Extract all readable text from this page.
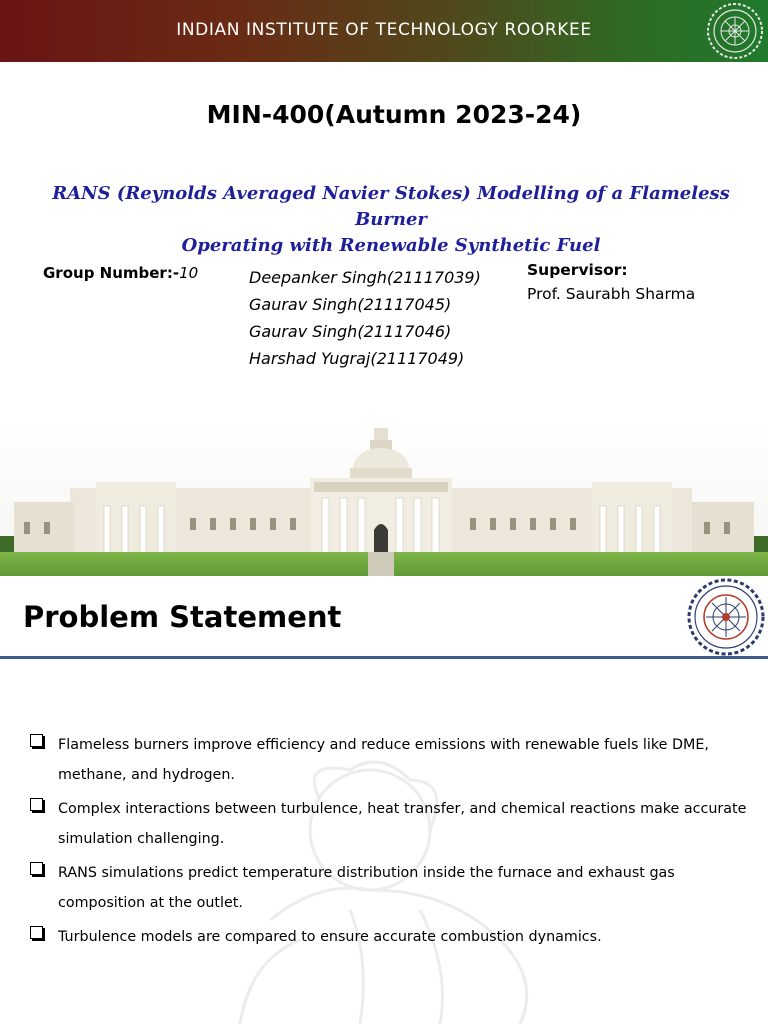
INDIAN INSTITUTE OF TECHNOLOGY ROORKEE
MIN-400(Autumn 2023-24)
RANS (Reynolds Averaged Navier Stokes) Modelling of a Flameless Burner
Operating with Renewable Synthetic Fuel
Group Number:-10	Deepanker Singh(21117039)
Gaurav Singh(21117045)
Gaurav Singh(21117046)
Harshad Yugraj(21117049)
Supervisor:
Prof. Saurabh Sharma
Problem Statement
Flameless burners improve efficiency and reduce emissions with renewable fuels like DME, methane, and hydrogen.
Complex interactions between turbulence, heat transfer, and chemical reactions make accurate simulation challenging.
RANS simulations predict temperature distribution inside the furnace and exhaust gas composition at the outlet.
Turbulence models are compared to ensure accurate combustion dynamics.
